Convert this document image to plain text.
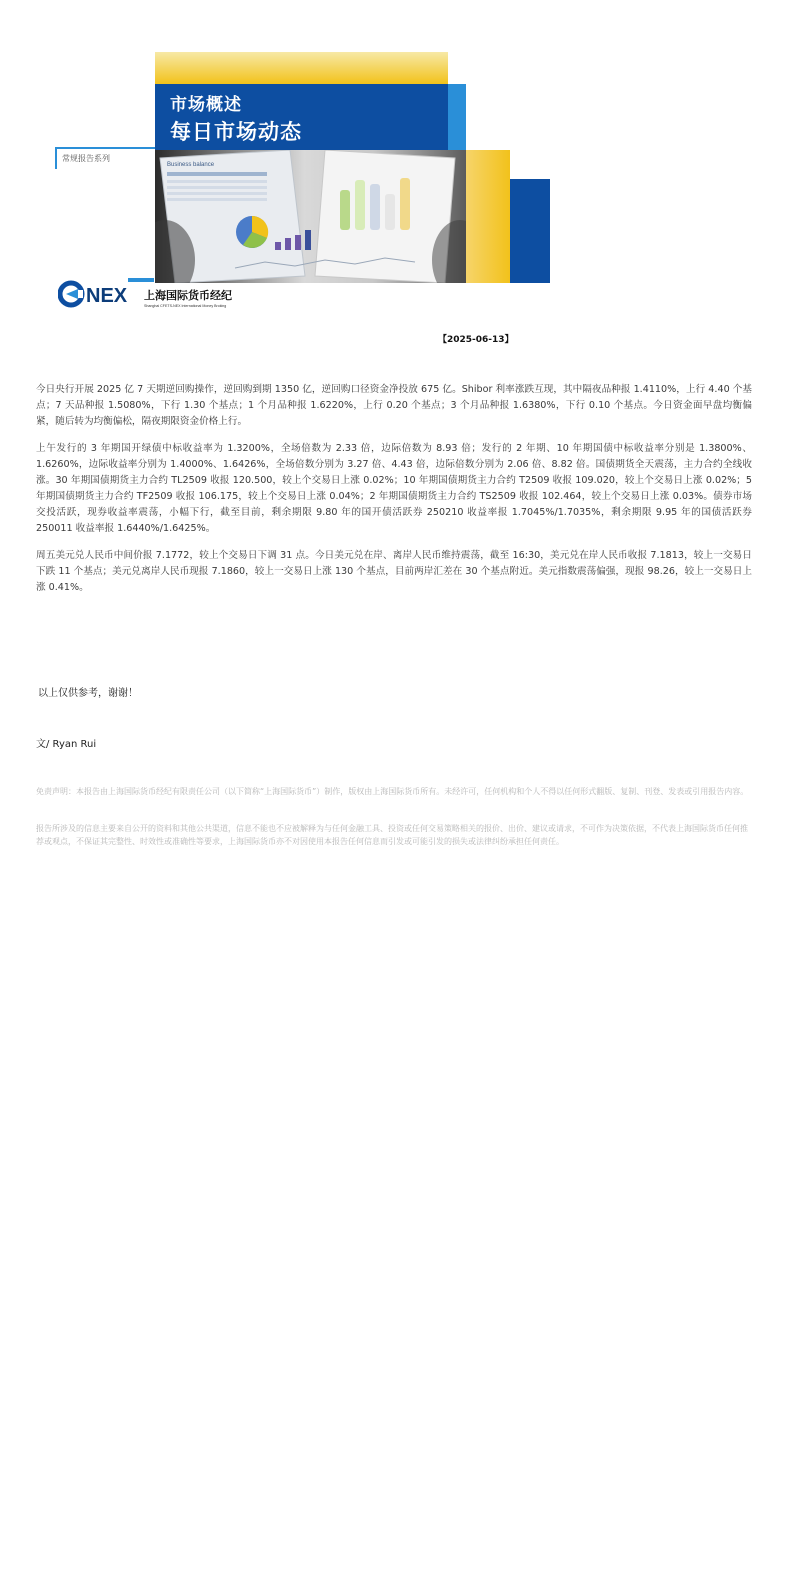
市场概述
每日市场动态
常规报告系列
Business balance
NEX 上海国际货币经纪
Shanghai CFETS-NEX International Money Broking
【2025-06-13】

今日央行开展 2025 亿 7 天期逆回购操作，逆回购到期 1350 亿，逆回购口径资金净投放 675 亿。Shibor 利率涨跌互现，其中隔夜品种报 1.4110%，上行 4.40 个基点；7 天品种报 1.5080%，下行 1.30 个基点；1 个月品种报 1.6220%，上行 0.20 个基点；3 个月品种报 1.6380%，下行 0.10 个基点。今日资金面早盘均衡偏紧，随后转为均衡偏松，隔夜期限资金价格上行。

上午发行的 3 年期国开绿债中标收益率为 1.3200%，全场倍数为 2.33 倍，边际倍数为 8.93 倍；发行的 2 年期、10 年期国债中标收益率分别是 1.3800%、1.6260%，边际收益率分别为 1.4000%、1.6426%，全场倍数分别为 3.27 倍、4.43 倍，边际倍数分别为 2.06 倍、8.82 倍。国债期货全天震荡，主力合约全线收涨。30 年期国债期货主力合约 TL2509 收报 120.500，较上个交易日上涨 0.02%；10 年期国债期货主力合约 T2509 收报 109.020，较上个交易日上涨 0.02%；5 年期国债期货主力合约 TF2509 收报 106.175，较上个交易日上涨 0.04%；2 年期国债期货主力合约 TS2509 收报 102.464，较上个交易日上涨 0.03%。债券市场交投活跃，现券收益率震荡，小幅下行，截至目前，剩余期限 9.80 年的国开债活跃券 250210 收益率报 1.7045%/1.7035%，剩余期限 9.95 年的国债活跃券 250011 收益率报 1.6440%/1.6425%。

周五美元兑人民币中间价报 7.1772，较上个交易日下调 31 点。今日美元兑在岸、离岸人民币维持震荡，截至 16:30，美元兑在岸人民币收报 7.1813，较上一交易日下跌 11 个基点；美元兑离岸人民币现报 7.1860，较上一交易日上涨 130 个基点，目前两岸汇差在 30 个基点附近。美元指数震荡偏强，现报 98.26，较上一交易日上涨 0.41%。

以上仅供参考，谢谢！
文/ Ryan Rui

免责声明：本报告由上海国际货币经纪有限责任公司（以下简称“上海国际货币”）制作，版权由上海国际货币所有。未经许可，任何机构和个人不得以任何形式翻版、复制、刊登、发表或引用报告内容。

报告所涉及的信息主要来自公开的资料和其他公共渠道，信息不能也不应被解释为与任何金融工具、投资或任何交易策略相关的报价、出价、建议或请求，不可作为决策依据，不代表上海国际货币任何推荐或观点，不保证其完整性、时效性或准确性等要求，上海国际货币亦不对因使用本报告任何信息而引发或可能引发的损失或法律纠纷承担任何责任。
